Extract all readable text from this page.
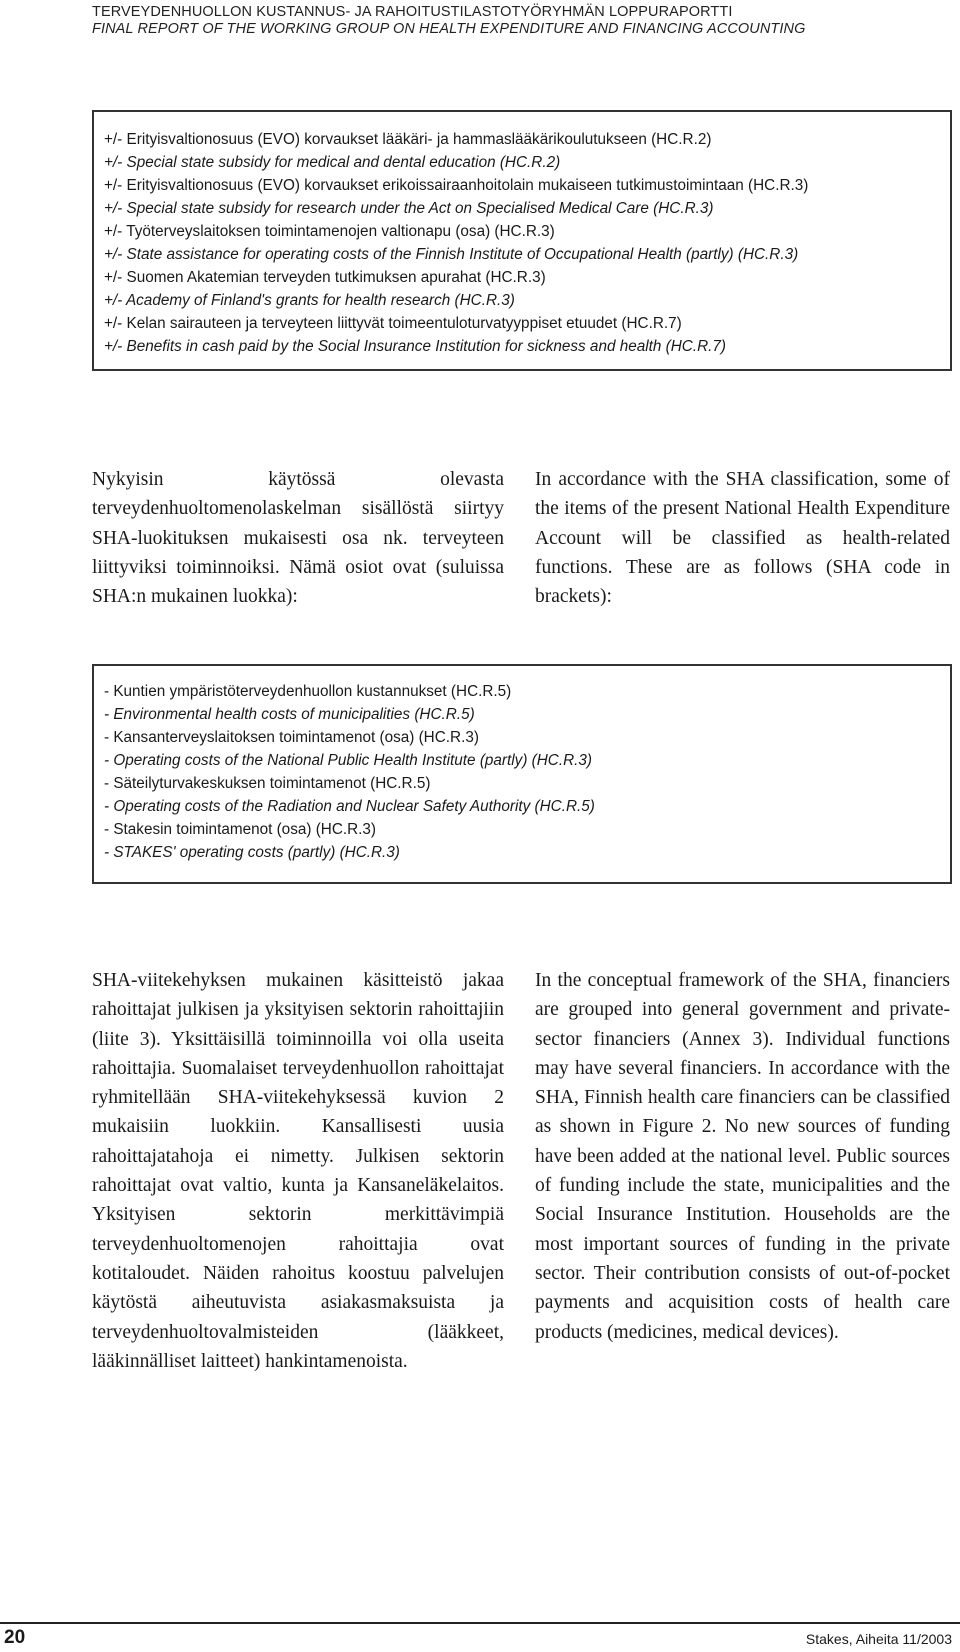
TERVEYDENHUOLLON KUSTANNUS- JA RAHOITUSTILASTOTYÖRYHMÄN LOPPURAPORTTI
FINAL REPORT OF THE WORKING GROUP ON HEALTH EXPENDITURE AND FINANCING ACCOUNTING
+/- Erityisvaltionosuus (EVO) korvaukset lääkäri- ja hammaslääkärikoulutukseen (HC.R.2)
+/- Special state subsidy for medical and dental education (HC.R.2)
+/- Erityisvaltionosuus (EVO) korvaukset erikoissairaanhoitolain mukaiseen tutkimustoimintaan (HC.R.3)
+/- Special state subsidy for research under the Act on Specialised Medical Care (HC.R.3)
+/- Työterveyslaitoksen toimintamenojen valtionapu (osa) (HC.R.3)
+/- State assistance for operating costs of the Finnish Institute of Occupational Health (partly) (HC.R.3)
+/- Suomen Akatemian terveyden tutkimuksen apurahat (HC.R.3)
+/- Academy of Finland's grants for health research (HC.R.3)
+/- Kelan sairauteen ja terveyteen liittyvät toimeentuloturvatyyppiset etuudet (HC.R.7)
+/- Benefits in cash paid by the Social Insurance Institution for sickness and health (HC.R.7)
Nykyisin käytössä olevasta terveydenhuoltomenolaskelman sisällöstä siirtyy SHA-luokituksen mukaisesti osa nk. terveyteen liittyviksi toiminnoiksi. Nämä osiot ovat (suluissa SHA:n mukainen luokka):
In accordance with the SHA classification, some of the items of the present National Health Expenditure Account will be classified as health-related functions. These are as follows (SHA code in brackets):
- Kuntien ympäristöterveydenhuollon kustannukset (HC.R.5)
- Environmental health costs of municipalities (HC.R.5)
- Kansanterveyslaitoksen toimintamenot (osa) (HC.R.3)
- Operating costs of the National Public Health Institute (partly) (HC.R.3)
- Säteilyturvakeskuksen toimintamenot (HC.R.5)
- Operating costs of the Radiation and Nuclear Safety Authority (HC.R.5)
- Stakesin toimintamenot (osa) (HC.R.3)
- STAKES' operating costs (partly) (HC.R.3)
SHA-viitekehyksen mukainen käsitteistö jakaa rahoittajat julkisen ja yksityisen sektorin rahoittajiin (liite 3). Yksittäisillä toiminnoilla voi olla useita rahoittajia. Suomalaiset terveydenhuollon rahoittajat ryhmitellään SHA-viitekehyksessä kuvion 2 mukaisiin luokkiin. Kansallisesti uusia rahoittajatahoja ei nimetty. Julkisen sektorin rahoittajat ovat valtio, kunta ja Kansaneläkelaitos. Yksityisen sektorin merkittävimpiä terveydenhuoltomenojen rahoittajia ovat kotitaloudet. Näiden rahoitus koostuu palvelujen käytöstä aiheutuvista asiakasmaksuista ja terveydenhuoltovalmisteiden (lääkkeet, lääkinnälliset laitteet) hankintamenoista.
In the conceptual framework of the SHA, financiers are grouped into general government and private-sector financiers (Annex 3). Individual functions may have several financiers. In accordance with the SHA, Finnish health care financiers can be classified as shown in Figure 2. No new sources of funding have been added at the national level. Public sources of funding include the state, municipalities and the Social Insurance Institution. Households are the most important sources of funding in the private sector. Their contribution consists of out-of-pocket payments and acquisition costs of health care products (medicines, medical devices).
20	Stakes, Aiheita 11/2003
